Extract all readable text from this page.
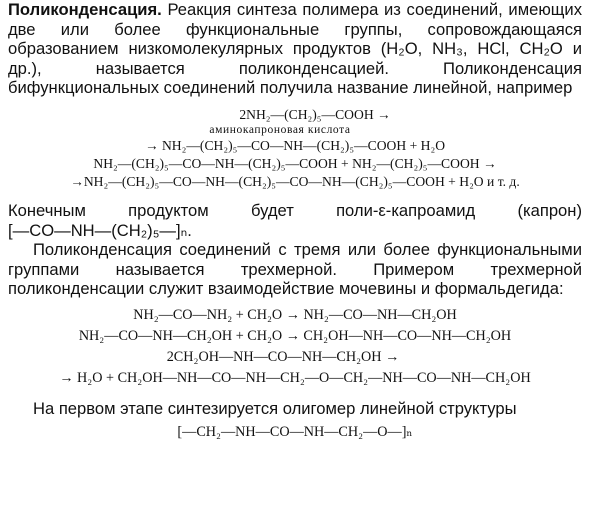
Поликонденсация. Реакция синтеза полимера из соединений, имеющих две или более функциональные группы, сопровождающаяся образованием низкомолекулярных продуктов (H₂O, NH₃, HCl, CH₂O и др.), называется поликонденсацией. Поликонденсация бифункциональных соединений получила название линейной, например

2NH₂—(CH₂)₅—COOH →

аминокапроновая кислота

→ NH₂—(CH₂)₅—CO—NH—(CH₂)₅—COOH + H₂O

NH₂—(CH₂)₅—CO—NH—(CH₂)₅—COOH + NH₂—(CH₂)₅—COOH →

→NH₂—(CH₂)₅—CO—NH—(CH₂)₅—CO—NH—(CH₂)₅—COOH + H₂O и т. д.

Конечным	продуктом	будет	поли-ε-капроамид	(капрон)

[—CO—NH—(CH₂)₅—]ₙ.

Поликонденсация соединений с тремя или более функциональными группами называется трехмерной. Примером трехмерной поликонденсации служит взаимодействие мочевины и формальдегида:

NH₂—CO—NH₂ + CH₂O → NH₂—CO—NH—CH₂OH

NH₂—CO—NH—CH₂OH + CH₂O → CH₂OH—NH—CO—NH—CH₂OH

2CH₂OH—NH—CO—NH—CH₂OH →

→ H₂O + CH₂OH—NH—CO—NH—CH₂—O—CH₂—NH—CO—NH—CH₂OH

На первом этапе синтезируется олигомер линейной структуры

[—CH₂—NH—CO—NH—CH₂—O—]ₙ
